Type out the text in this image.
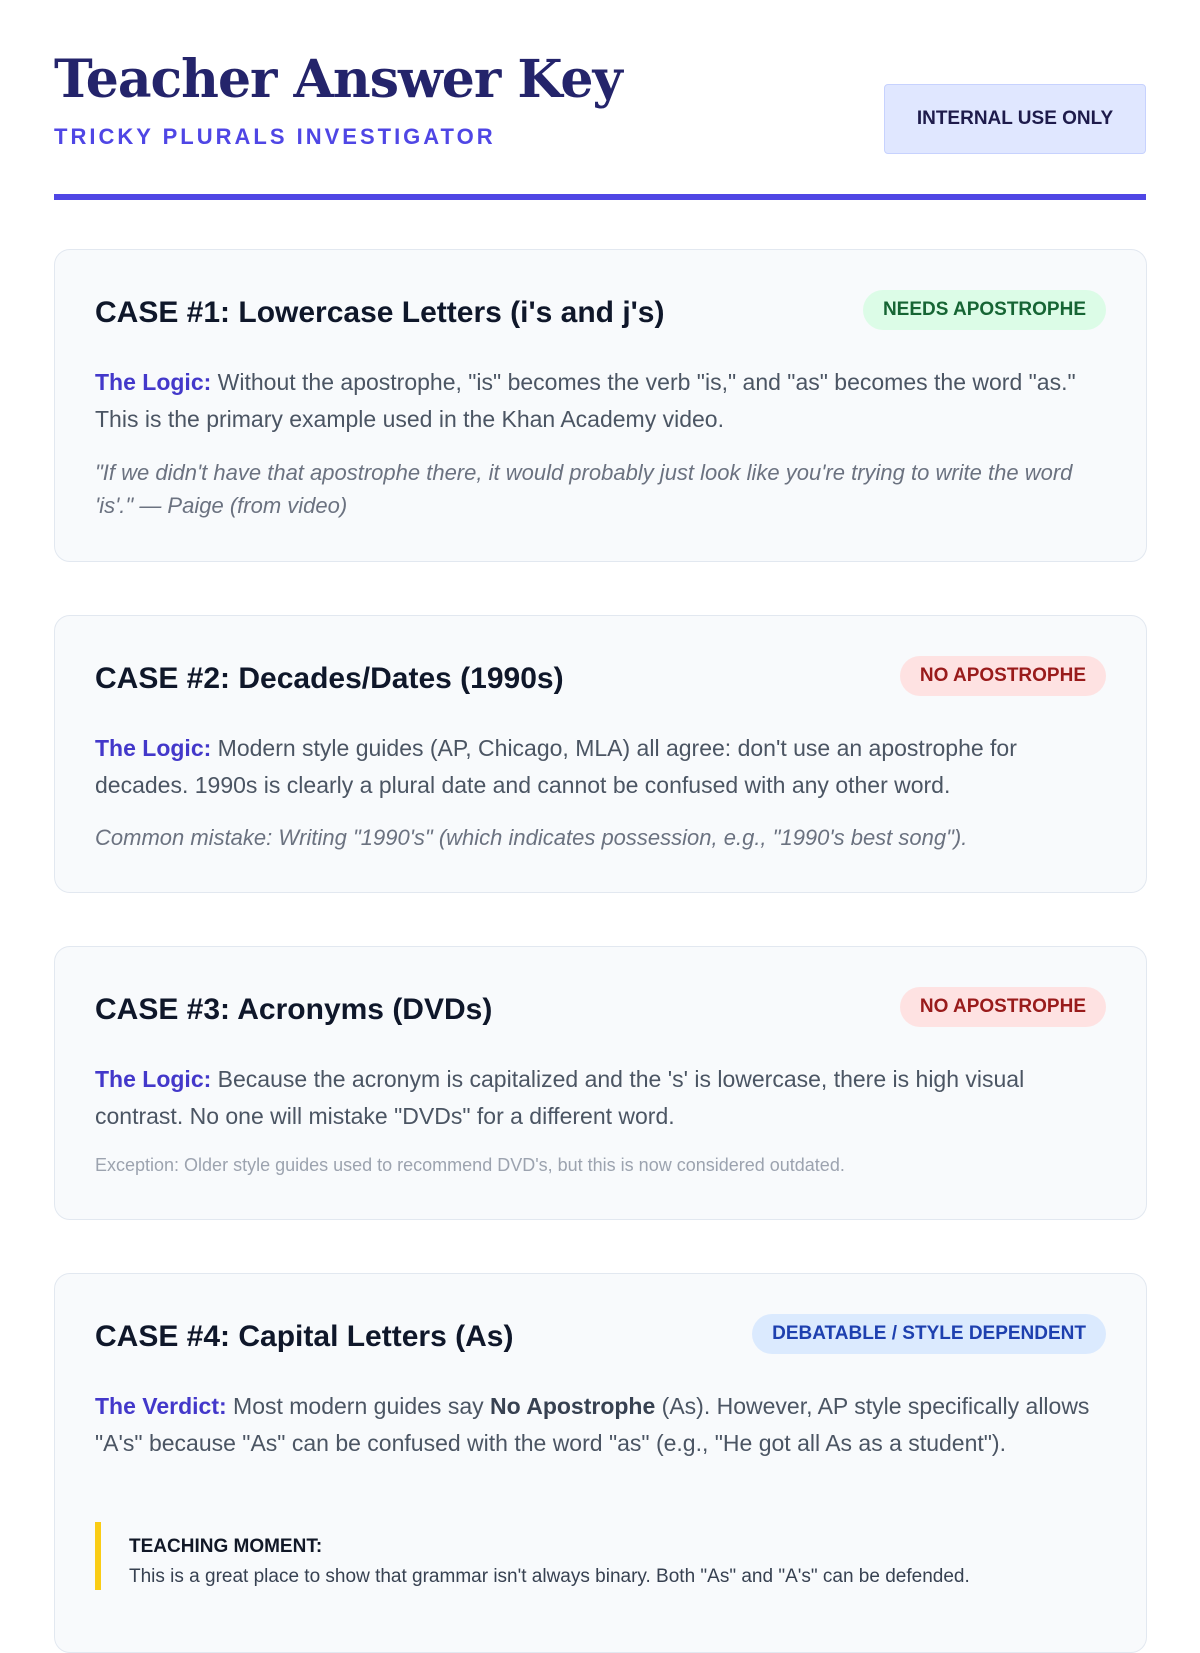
Teacher Answer Key
TRICKY PLURALS INVESTIGATOR
INTERNAL USE ONLY
CASE #1: Lowercase Letters (i's and j's)	NEEDS APOSTROPHE

The Logic: Without the apostrophe, "is" becomes the verb "is," and "as" becomes the word "as." This is the primary example used in the Khan Academy video.

"If we didn't have that apostrophe there, it would probably just look like you're trying to write the word 'is'." — Paige (from video)

CASE #2: Decades/Dates (1990s)	NO APOSTROPHE

The Logic: Modern style guides (AP, Chicago, MLA) all agree: don't use an apostrophe for decades. 1990s is clearly a plural date and cannot be confused with any other word.

Common mistake: Writing "1990's" (which indicates possession, e.g., "1990's best song").

CASE #3: Acronyms (DVDs)	NO APOSTROPHE

The Logic: Because the acronym is capitalized and the 's' is lowercase, there is high visual contrast. No one will mistake "DVDs" for a different word.

Exception: Older style guides used to recommend DVD's, but this is now considered outdated.

CASE #4: Capital Letters (As)	DEBATABLE / STYLE DEPENDENT

The Verdict: Most modern guides say No Apostrophe (As). However, AP style specifically allows "A's" because "As" can be confused with the word "as" (e.g., "He got all As as a student").

TEACHING MOMENT:
This is a great place to show that grammar isn't always binary. Both "As" and "A's" can be defended.
